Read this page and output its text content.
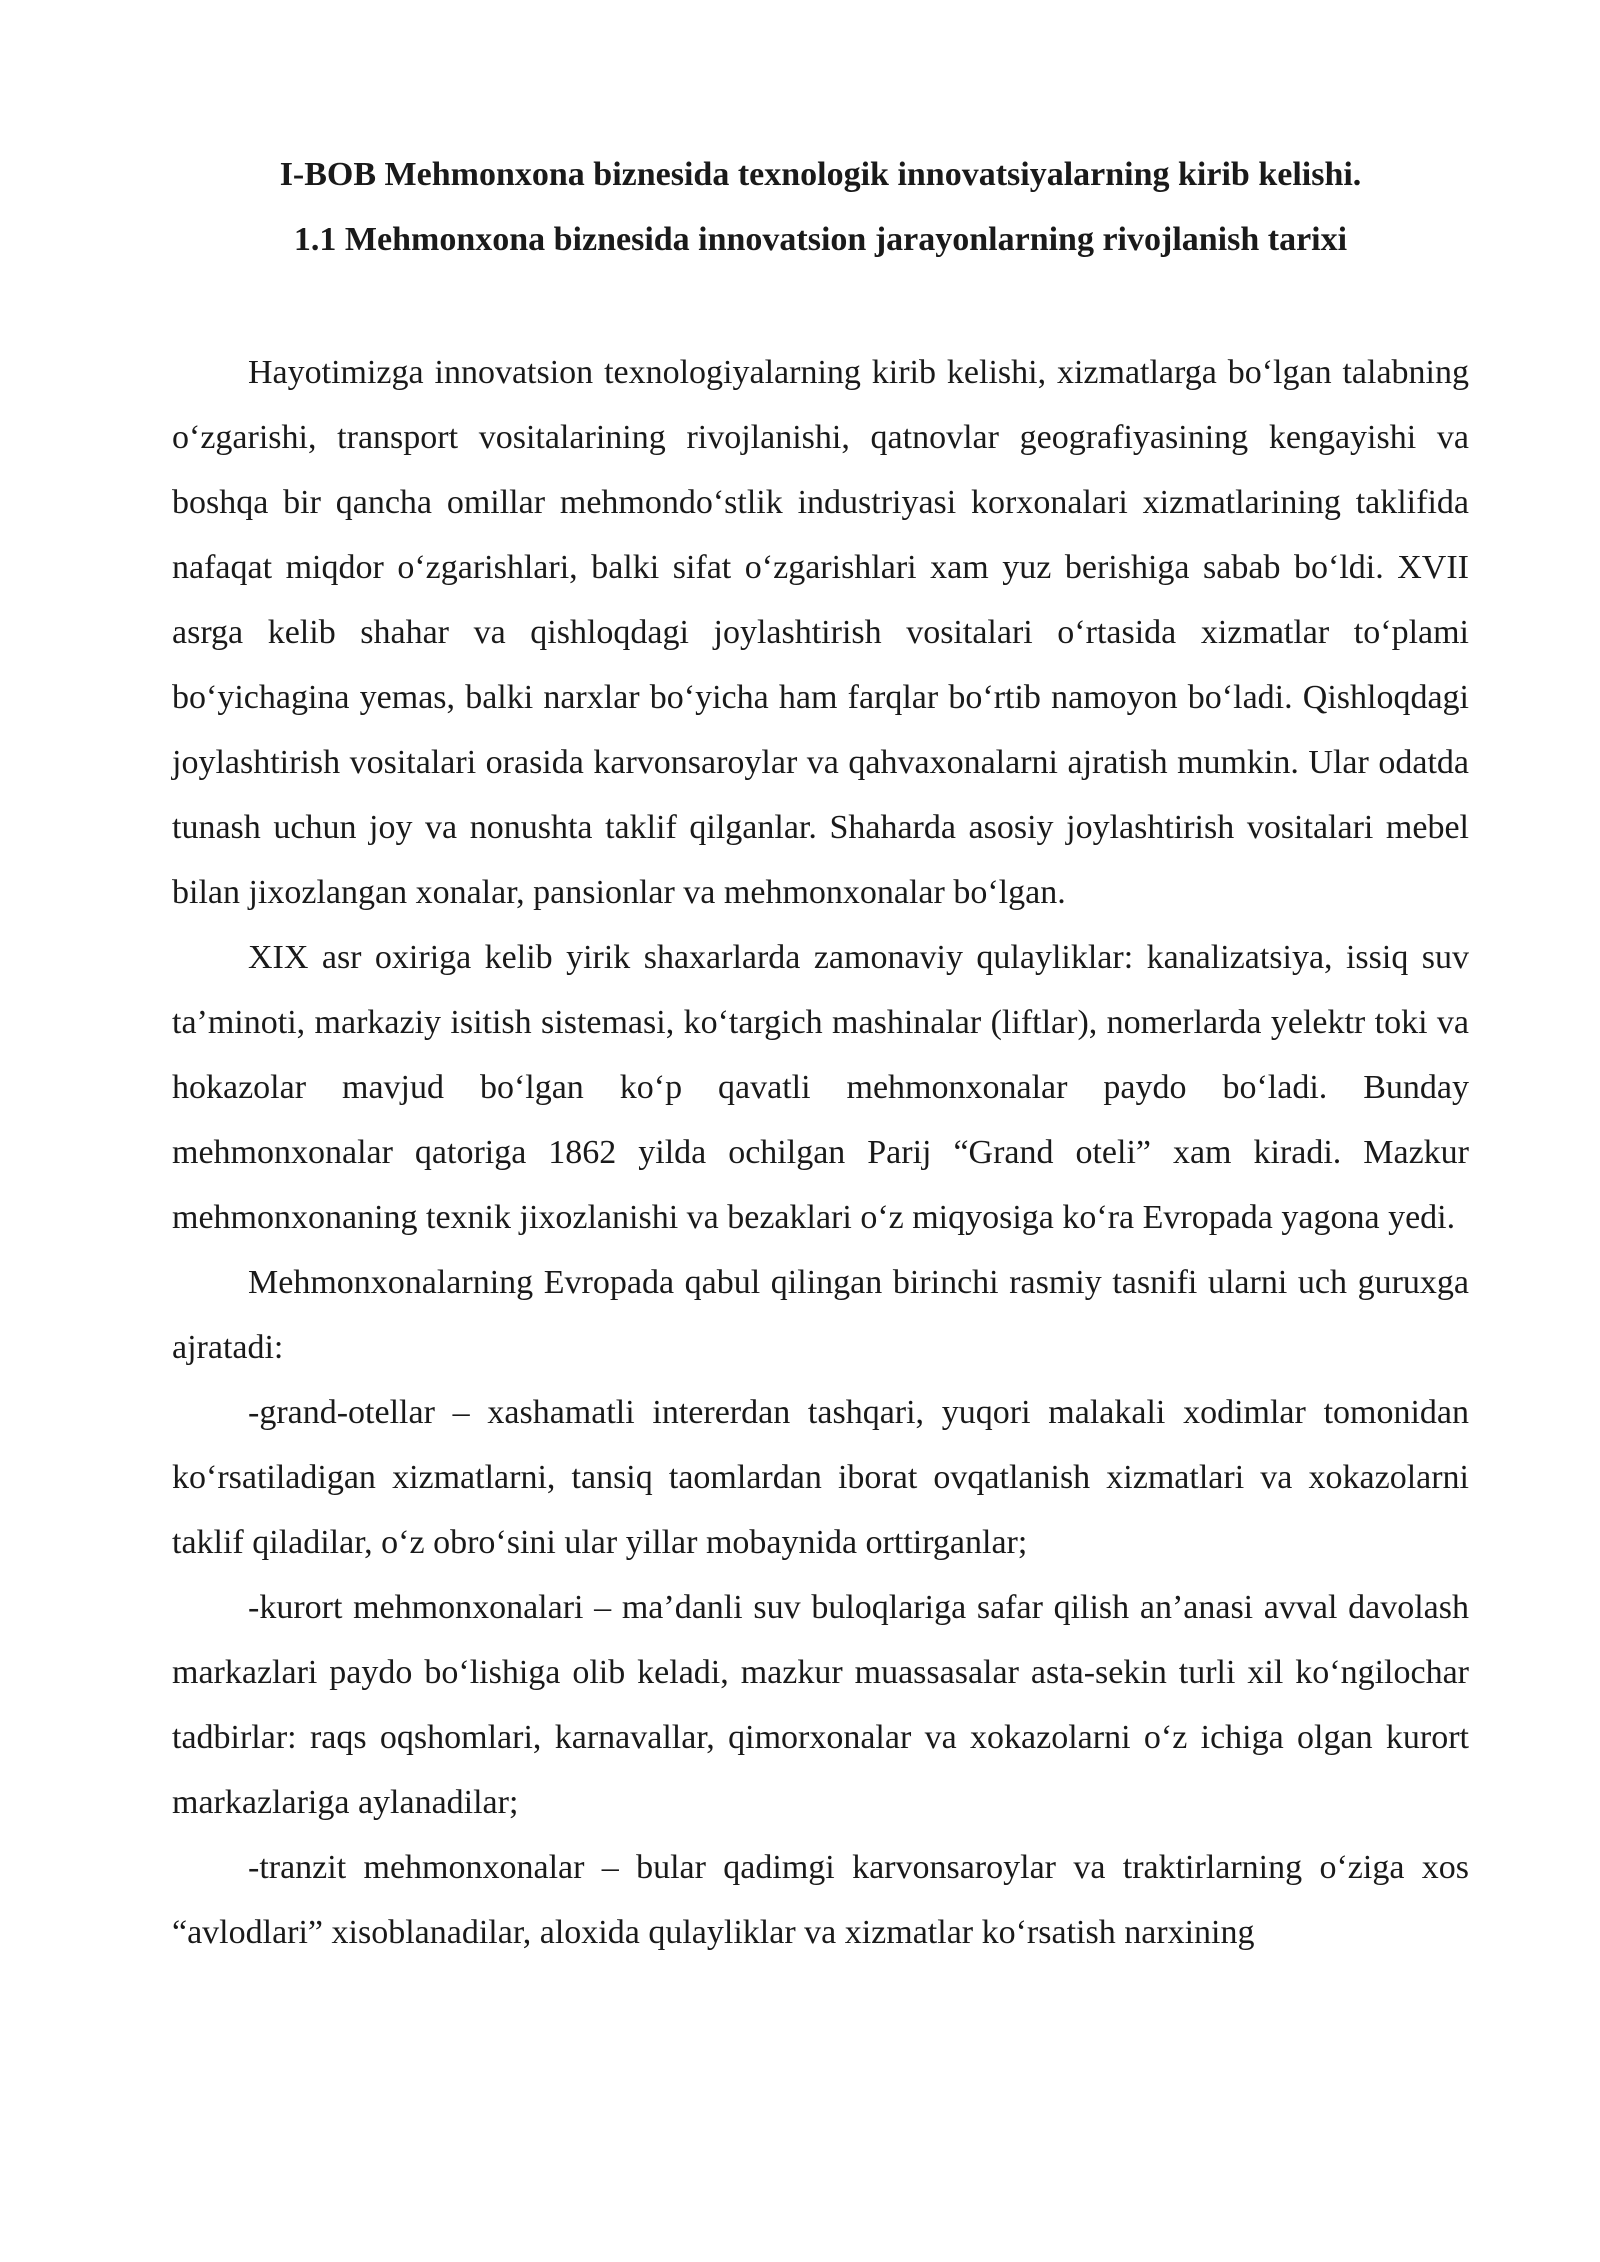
I-BOB Mehmonxona biznesida texnologik innovatsiyalarning kirib kelishi.
1.1 Mehmonxona biznesida innovatsion jarayonlarning rivojlanish tarixi

Hayotimizga innovatsion texnologiyalarning kirib kelishi, xizmatlarga bo‘lgan talabning o‘zgarishi, transport vositalarining rivojlanishi, qatnovlar geografiyasining kengayishi va boshqa bir qancha omillar mehmondo‘stlik industriyasi korxonalari xizmatlarining taklifida nafaqat miqdor o‘zgarishlari, balki sifat o‘zgarishlari xam yuz berishiga sabab bo‘ldi. XVII asrga kelib shahar va qishloqdagi joylashtirish vositalari o‘rtasida xizmatlar to‘plami bo‘yichagina yemas, balki narxlar bo‘yicha ham farqlar bo‘rtib namoyon bo‘ladi. Qishloqdagi joylashtirish vositalari orasida karvonsaroylar va qahvaxonalarni ajratish mumkin. Ular odatda tunash uchun joy va nonushta taklif qilganlar. Shaharda asosiy joylashtirish vositalari mebel bilan jixozlangan xonalar, pansionlar va mehmonxonalar bo‘lgan.

XIX asr oxiriga kelib yirik shaxarlarda zamonaviy qulayliklar: kanalizatsiya, issiq suv ta’minoti, markaziy isitish sistemasi, ko‘targich mashinalar (liftlar), nomerlarda yelektr toki va hokazolar mavjud bo‘lgan ko‘p qavatli mehmonxonalar paydo bo‘ladi. Bunday mehmonxonalar qatoriga 1862 yilda ochilgan Parij “Grand oteli” xam kiradi. Mazkur mehmonxonaning texnik jixozlanishi va bezaklari o‘z miqyosiga ko‘ra Evropada yagona yedi.

Mehmonxonalarning Evropada qabul qilingan birinchi rasmiy tasnifi ularni uch guruxga ajratadi:

-grand-otellar – xashamatli intererdan tashqari, yuqori malakali xodimlar tomonidan ko‘rsatiladigan xizmatlarni, tansiq taomlardan iborat ovqatlanish xizmatlari va xokazolarni taklif qiladilar, o‘z obro‘sini ular yillar mobaynida orttirganlar;

-kurort mehmonxonalari – ma’danli suv buloqlariga safar qilish an’anasi avval davolash markazlari paydo bo‘lishiga olib keladi, mazkur muassasalar asta-sekin turli xil ko‘ngilochar tadbirlar: raqs oqshomlari, karnavallar, qimorxonalar va xokazolarni o‘z ichiga olgan kurort markazlariga aylanadilar;

-tranzit mehmonxonalar – bular qadimgi karvonsaroylar va traktirlarning o‘ziga xos “avlodlari” xisoblanadilar, aloxida qulayliklar va xizmatlar ko‘rsatish narxining
